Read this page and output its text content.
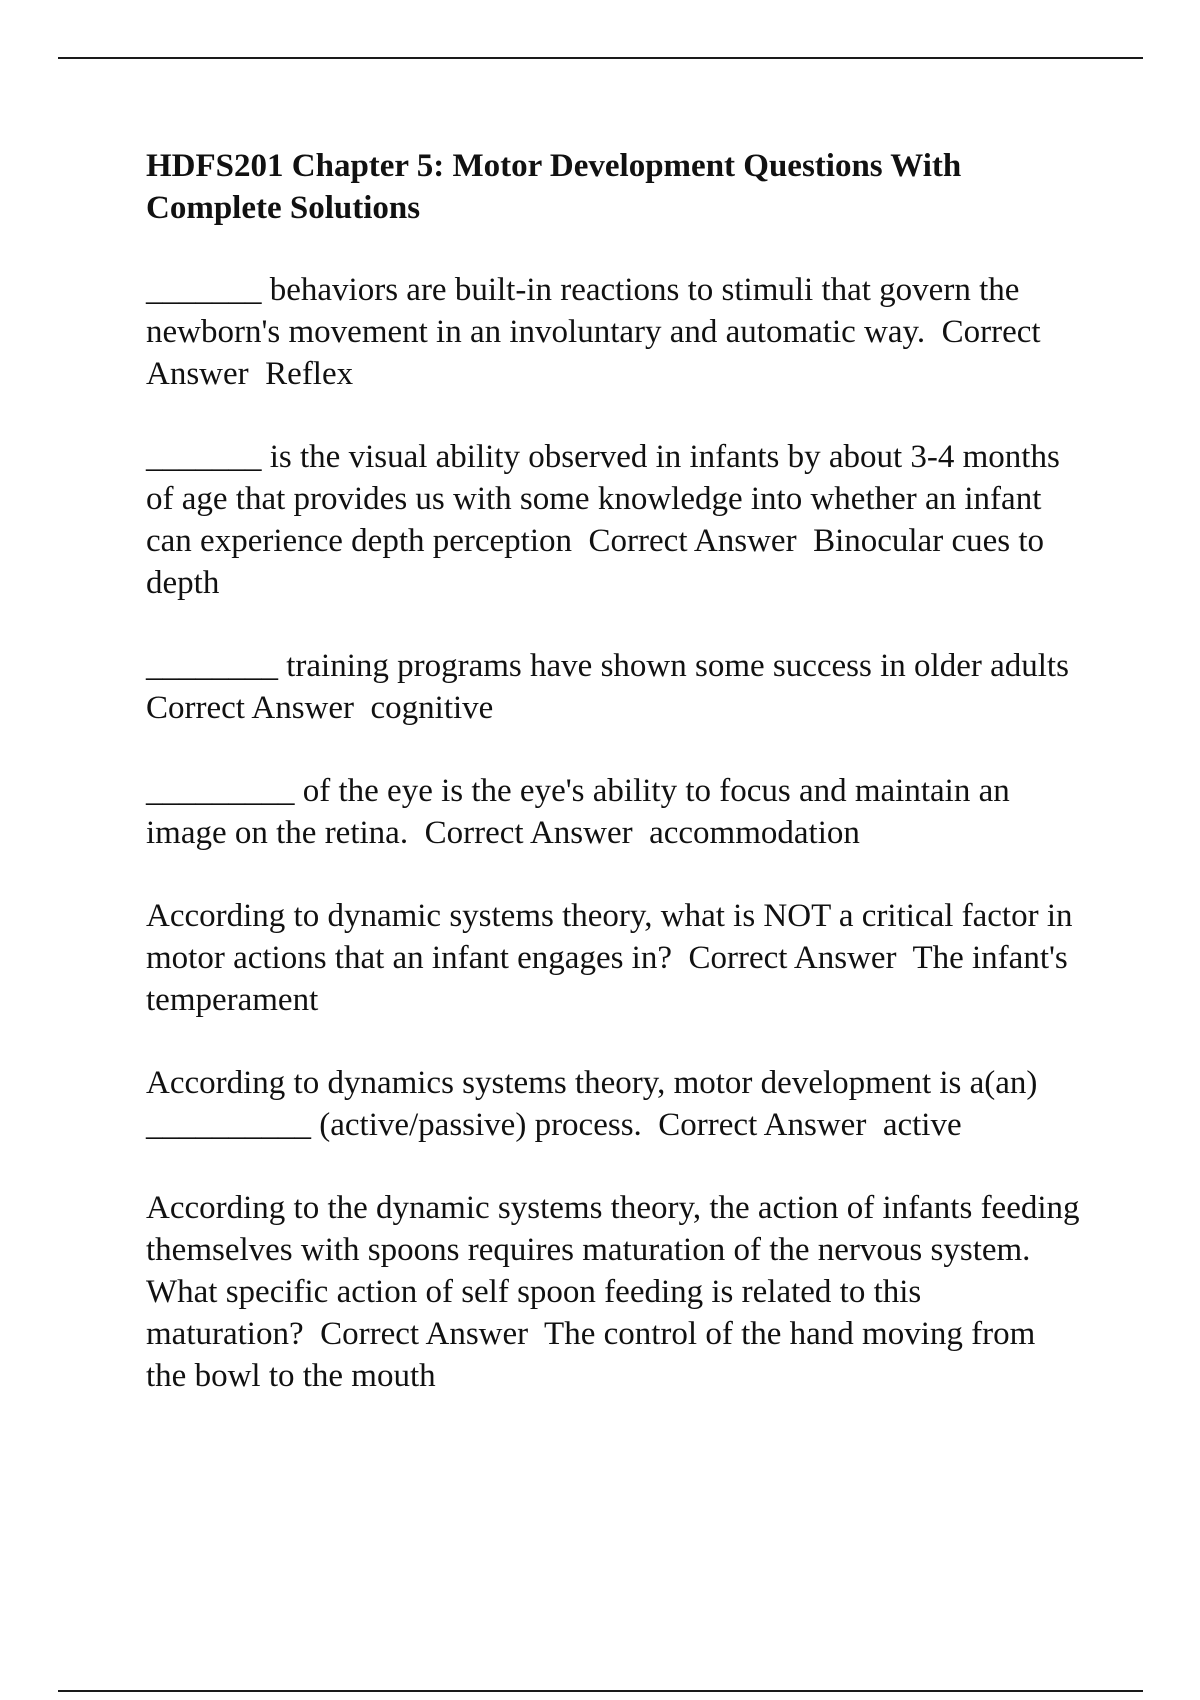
HDFS201 Chapter 5: Motor Development Questions With Complete Solutions

_______ behaviors are built-in reactions to stimuli that govern the newborn's movement in an involuntary and automatic way. Correct Answer Reflex

_______ is the visual ability observed in infants by about 3-4 months of age that provides us with some knowledge into whether an infant can experience depth perception Correct Answer Binocular cues to depth

________ training programs have shown some success in older adults  Correct Answer cognitive

_________ of the eye is the eye's ability to focus and maintain an image on the retina. Correct Answer accommodation

According to dynamic systems theory, what is NOT a critical factor in motor actions that an infant engages in? Correct Answer The infant's temperament

According to dynamics systems theory, motor development is a(an) __________ (active/passive) process. Correct Answer active

According to the dynamic systems theory, the action of infants feeding themselves with spoons requires maturation of the nervous system. What specific action of self spoon feeding is related to this maturation? Correct Answer The control of the hand moving from the bowl to the mouth
